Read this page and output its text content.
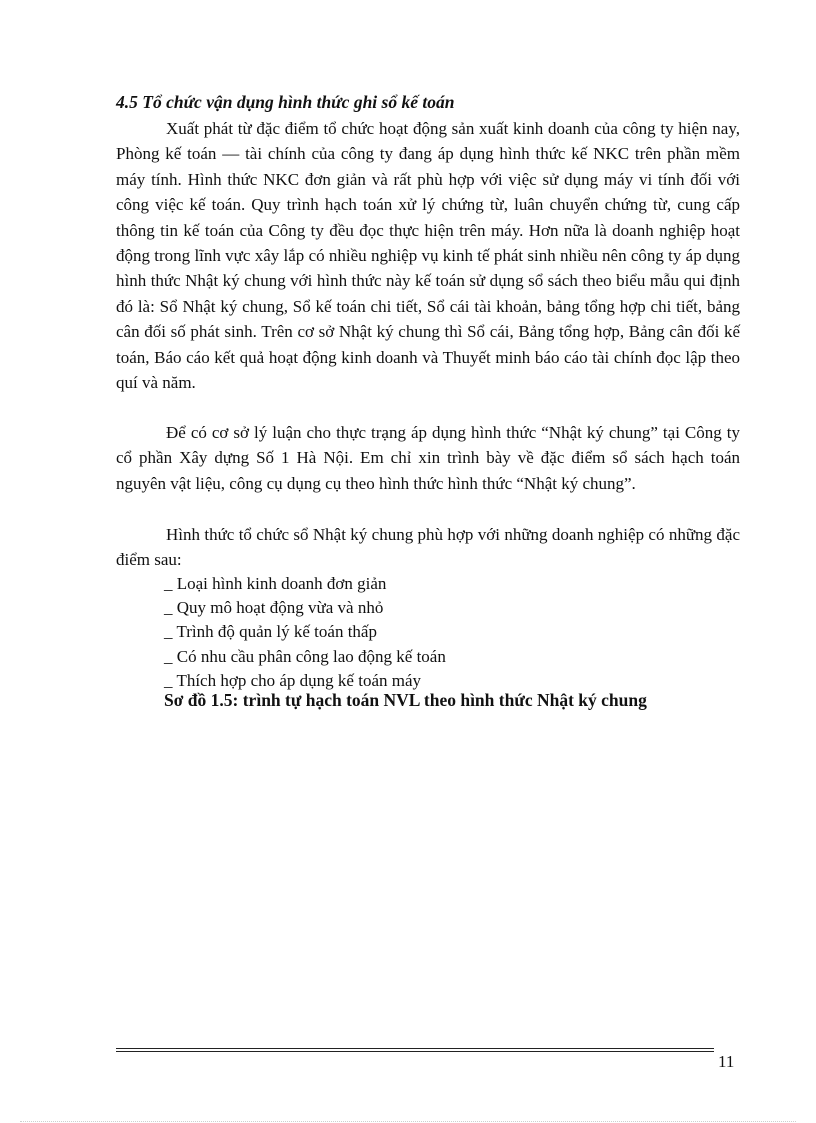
4.5 Tổ chức vận dụng hình thức ghi sổ kế toán

Xuất phát từ đặc điểm tổ chức hoạt động sản xuất kinh doanh của công ty hiện nay, Phòng kế toán — tài chính của công ty đang áp dụng hình thức kế NKC trên phần mềm máy tính. Hình thức NKC đơn giản và rất phù hợp với việc sử dụng máy vi tính đối với công việc kế toán. Quy trình hạch toán xử lý chứng từ, luân chuyển chứng từ, cung cấp thông tin kế toán của Công ty đều đọc thực hiện trên máy. Hơn nữa là doanh nghiệp hoạt động trong lĩnh vực xây lắp có nhiều nghiệp vụ kinh tế phát sinh nhiều nên công ty áp dụng hình thức Nhật ký chung với hình thức này kế toán sử dụng sổ sách theo biểu mẫu qui định đó là: Sổ Nhật ký chung, Sổ kế toán chi tiết, Sổ cái tài khoản, bảng tổng hợp chi tiết, bảng cân đối số phát sinh. Trên cơ sở Nhật ký chung thì Sổ cái, Bảng tổng hợp, Bảng cân đối kế toán, Báo cáo kết quả hoạt động kinh doanh và Thuyết minh báo cáo tài chính đọc lập theo quí và năm.

Để có cơ sở lý luận cho thực trạng áp dụng hình thức “Nhật ký chung” tại Công ty cổ phần Xây dựng Số 1 Hà Nội. Em chỉ xin trình bày về đặc điểm sổ sách hạch toán nguyên vật liệu, công cụ dụng cụ theo hình thức hình thức “Nhật ký chung”.

Hình thức tổ chức sổ Nhật ký chung phù hợp với những doanh nghiệp có những đặc điểm sau:

_ Loại hình kinh doanh đơn giản
_ Quy mô hoạt động vừa và nhỏ
_ Trình độ quản lý kế toán thấp
_ Có nhu cầu phân công lao động kế toán
_ Thích hợp cho áp dụng kế toán máy
Sơ đồ 1.5: trình tự hạch toán NVL theo hình thức Nhật ký chung
11
